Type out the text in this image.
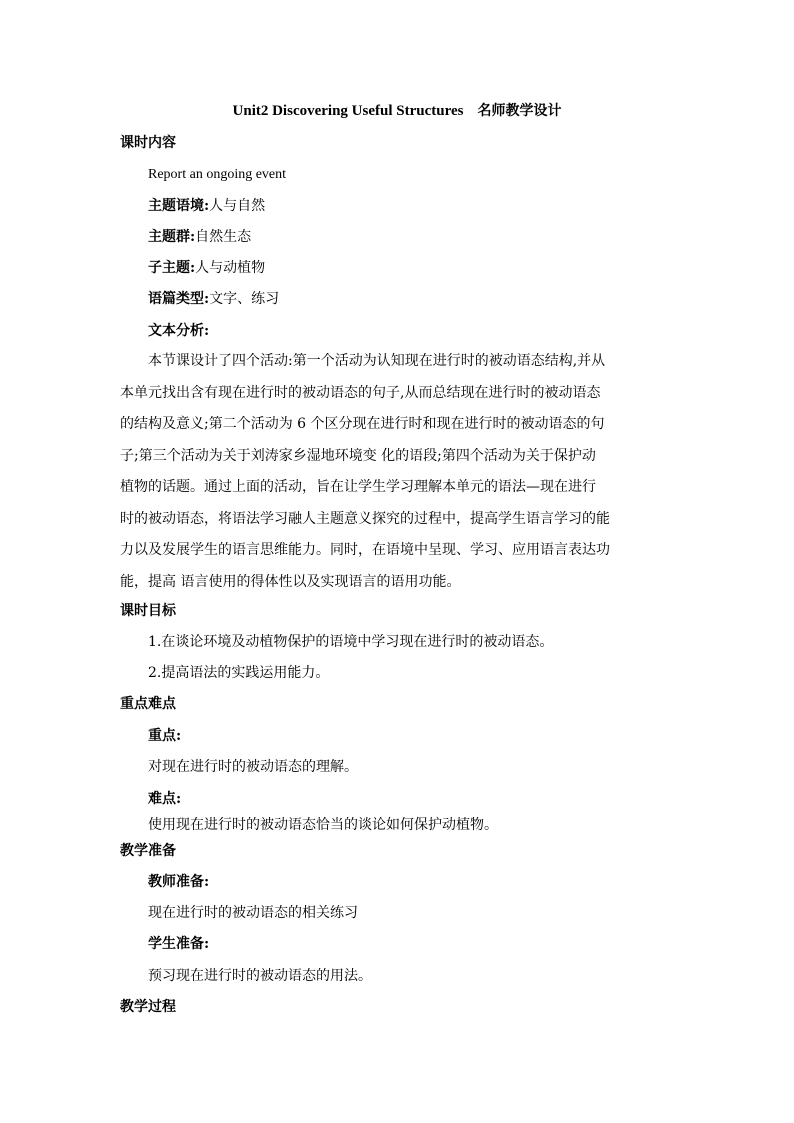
Unit2 Discovering Useful Structures 名师教学设计
课时内容
Report an ongoing event
主题语境:人与自然
主题群:自然生态
子主题:人与动植物
语篇类型:文字、练习
文本分析:
本节课设计了四个活动:第一个活动为认知现在进行时的被动语态结构,并从
本单元找出含有现在进行时的被动语态的句子,从而总结现在进行时的被动语态
的结构及意义;第二个活动为 6 个区分现在进行时和现在进行时的被动语态的句
子;第三个活动为关于刘涛家乡湿地环境变 化的语段;第四个活动为关于保护动
植物的话题。通过上面的活动，旨在让学生学习理解本单元的语法—现在进行
时的被动语态，将语法学习融人主题意义探究的过程中，提高学生语言学习的能
力以及发展学生的语言思维能力。同时，在语境中呈现、学习、应用语言表达功
能，提高 语言使用的得体性以及实现语言的语用功能。
课时目标
1.在谈论环境及动植物保护的语境中学习现在进行时的被动语态。
2.提高语法的实践运用能力。
重点难点
重点:
对现在进行时的被动语态的理解。
难点:
使用现在进行时的被动语态恰当的谈论如何保护动植物。
教学准备
教师准备:
现在进行时的被动语态的相关练习
学生准备:
预习现在进行时的被动语态的用法。
教学过程
